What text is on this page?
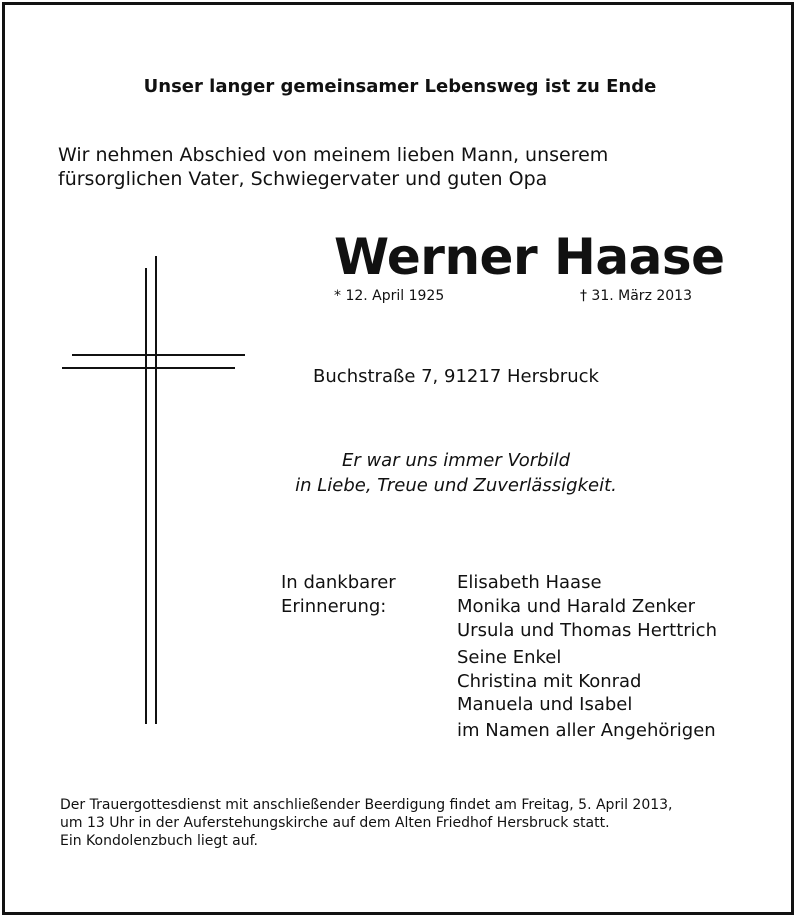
Unser langer gemeinsamer Lebensweg ist zu Ende
Wir nehmen Abschied von meinem lieben Mann, unserem
fürsorglichen Vater, Schwiegervater und guten Opa
Werner Haase
* 12. April 1925	† 31. März 2013
Buchstraße 7, 91217 Hersbruck
Er war uns immer Vorbild
in Liebe, Treue und Zuverlässigkeit.
In dankbarer
Erinnerung:
Elisabeth Haase
Monika und Harald Zenker
Ursula und Thomas Herttrich
Seine Enkel
Christina mit Konrad
Manuela und Isabel
im Namen aller Angehörigen
Der Trauergottesdienst mit anschließender Beerdigung findet am Freitag, 5. April 2013,
um 13 Uhr in der Auferstehungskirche auf dem Alten Friedhof Hersbruck statt.
Ein Kondolenzbuch liegt auf.
